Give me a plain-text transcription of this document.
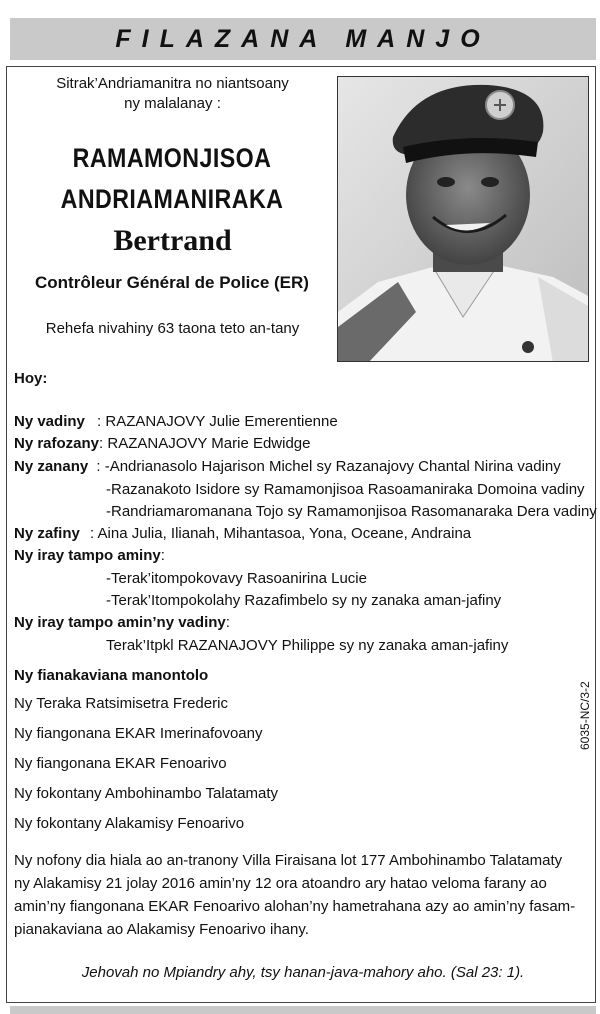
FILAZANA MANJO
Sitrak’Andriamanitra no niantsoany
ny malalanay :
RAMAMONJISOA
ANDRIAMANIRAKA
Bertrand
Contrôleur Général de Police (ER)
Rehefa nivahiny 63 taona teto an-tany
Hoy:
Ny vadiny : RAZANAJOVY Julie Emerentienne
Ny rafozany: RAZANAJOVY Marie Edwidge
Ny zanany : -Andrianasolo Hajarison Michel sy Razanajovy Chantal Nirina vadiny
-Razanakoto Isidore sy Ramamonjisoa Rasoamaniraka Domoina vadiny
-Randriamaromanana Tojo sy Ramamonjisoa Rasomanaraka Dera vadiny
Ny zafiny : Aina Julia, Ilianah, Mihantasoa, Yona, Oceane, Andraina
Ny iray tampo aminy:
-Terak’itompokovavy Rasoanirina Lucie
-Terak’Itompokolahy Razafimbelo sy ny zanaka aman-jafiny
Ny iray tampo amin’ny vadiny:
Terak’Itpkl RAZANAJOVY Philippe sy ny zanaka aman-jafiny
Ny fianakaviana manontolo
Ny Teraka Ratsimisetra Frederic
Ny fiangonana EKAR Imerinafovoany
Ny fiangonana EKAR Fenoarivo
Ny fokontany Ambohinambo Talatamaty
Ny fokontany Alakamisy Fenoarivo
6035-NC/3-2
Ny nofony dia hiala ao an-tranony Villa Firaisana lot 177 Ambohinambo Talatamaty
ny Alakamisy 21 jolay 2016 amin’ny 12 ora atoandro ary hatao veloma farany ao
amin’ny fiangonana EKAR Fenoarivo alohan’ny hametrahana azy ao amin’ny fasam-
pianakaviana ao Alakamisy Fenoarivo ihany.
Jehovah no Mpiandry ahy, tsy hanan-java-mahory aho. (Sal 23: 1).
